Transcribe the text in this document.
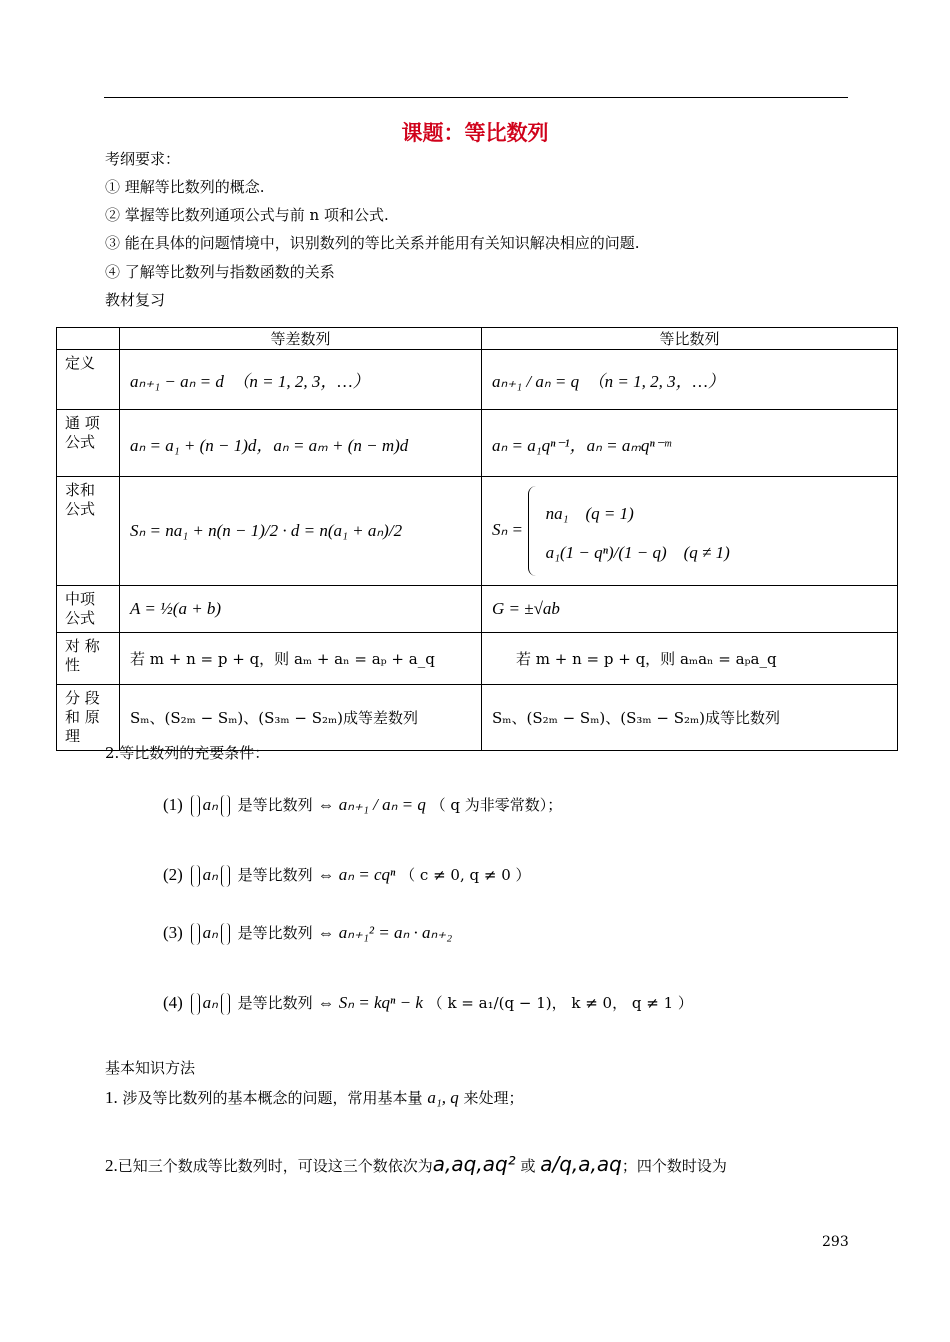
课题：等比数列
考纲要求：
① 理解等比数列的概念.
② 掌握等比数列通项公式与前 n 项和公式.
③ 能在具体的问题情境中，识别数列的等比关系并能用有关知识解决相应的问题.
④ 了解等比数列与指数函数的关系
教材复习
	等差数列	等比数列
定义	aₙ₊₁ − aₙ = d　（n = 1, 2, 3，…）	aₙ₊₁ / aₙ = q　（n = 1, 2, 3，…）
通 项 公式	aₙ = a₁ + (n − 1)d，aₙ = aₘ + (n − m)d	aₙ = a₁qⁿ⁻¹，aₙ = aₘqⁿ⁻ᵐ
求和 公式	Sₙ = na₁ + n(n − 1)/2 · d = n(a₁ + aₙ)/2	Sₙ =
na₁　(q = 1)
a₁(1 − qⁿ)/(1 − q)　(q ≠ 1)

中项 公式	A = ½(a + b)	G = ±√ab
对 称 性	若 m + n = p + q，则 aₘ + aₙ = aₚ + a_q	若 m + n = p + q，则 aₘaₙ = aₚa_q
分 段 和 原 理	Sₘ、(S₂ₘ − Sₘ)、(S₃ₘ − S₂ₘ)成等差数列	Sₘ、(S₂ₘ − Sₘ)、(S₃ₘ − S₂ₘ)成等比数列
2.等比数列的充要条件：
(1) aₙ 是等比数列 ⇔ aₙ₊₁ / aₙ = q （ q 为非零常数）；
(2) aₙ 是等比数列 ⇔ aₙ = cqⁿ （ c ≠ 0, q ≠ 0 ）
(3) aₙ 是等比数列 ⇔ aₙ₊₁² = aₙ · aₙ₊₂
(4) aₙ 是等比数列 ⇔ Sₙ = kqⁿ − k （ k = a₁/(q − 1)， k ≠ 0， q ≠ 1 ）
基本知识方法
1. 涉及等比数列的基本概念的问题，常用基本量 a₁, q 来处理；
2.已知三个数成等比数列时，可设这三个数依次为a,aq,aq² 或 a/q,a,aq；四个数时设为
293
